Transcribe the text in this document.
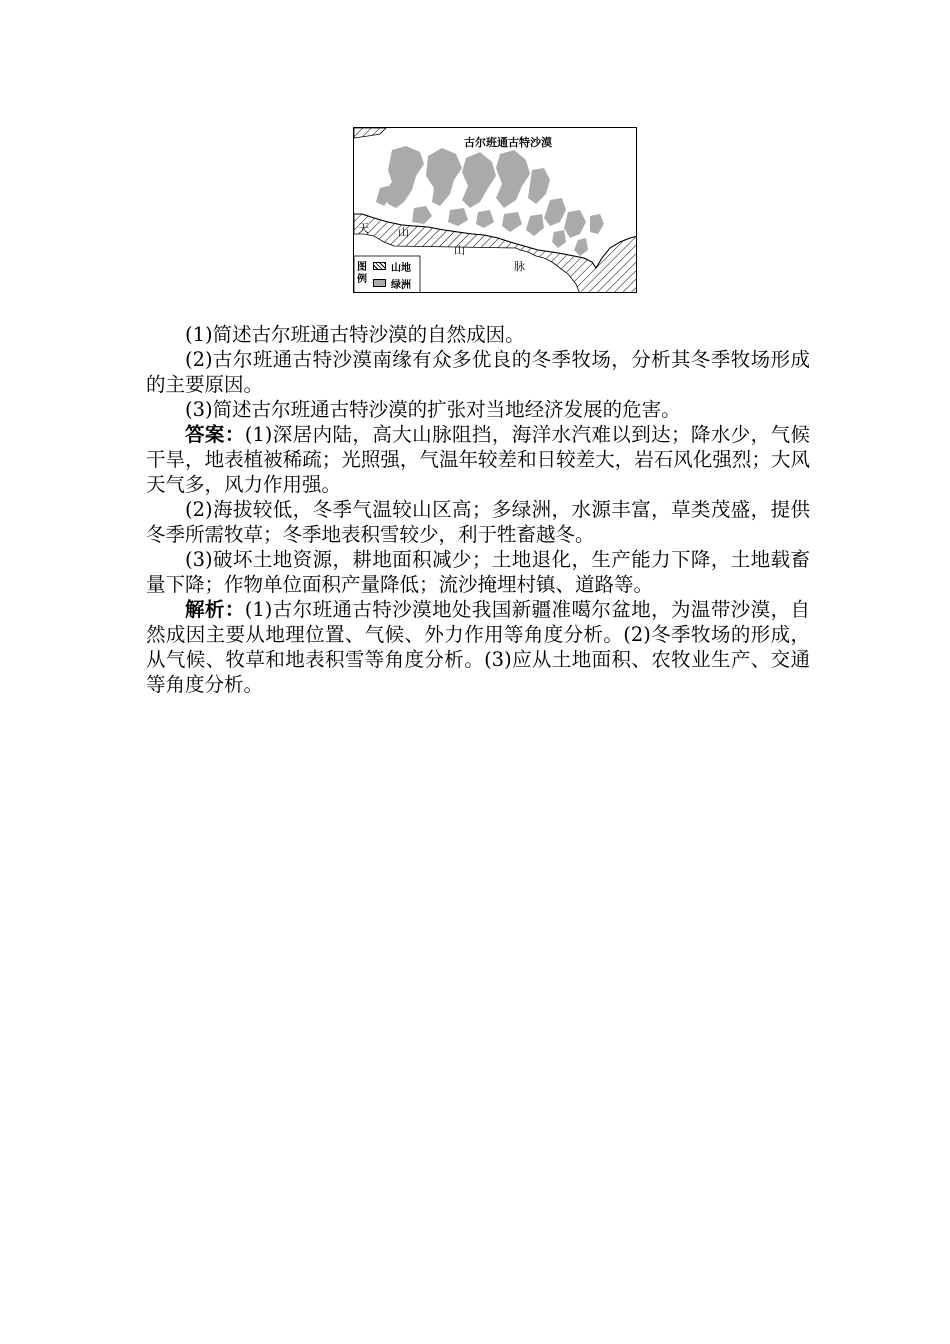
古尔班通古特沙漠
天	山
山
脉
图例
山地
绿洲

(1)简述古尔班通古特沙漠的自然成因。

(2)古尔班通古特沙漠南缘有众多优良的冬季牧场，分析其冬季牧场形成的主要原因。

(3)简述古尔班通古特沙漠的扩张对当地经济发展的危害。

答案：(1)深居内陆，高大山脉阻挡，海洋水汽难以到达；降水少，气候干旱，地表植被稀疏；光照强，气温年较差和日较差大，岩石风化强烈；大风天气多，风力作用强。

(2)海拔较低，冬季气温较山区高；多绿洲，水源丰富，草类茂盛，提供冬季所需牧草；冬季地表积雪较少，利于牲畜越冬。

(3)破坏土地资源，耕地面积减少；土地退化，生产能力下降，土地载畜量下降；作物单位面积产量降低；流沙掩埋村镇、道路等。

解析：(1)古尔班通古特沙漠地处我国新疆准噶尔盆地，为温带沙漠，自然成因主要从地理位置、气候、外力作用等角度分析。(2)冬季牧场的形成，从气候、牧草和地表积雪等角度分析。(3)应从土地面积、农牧业生产、交通等角度分析。
